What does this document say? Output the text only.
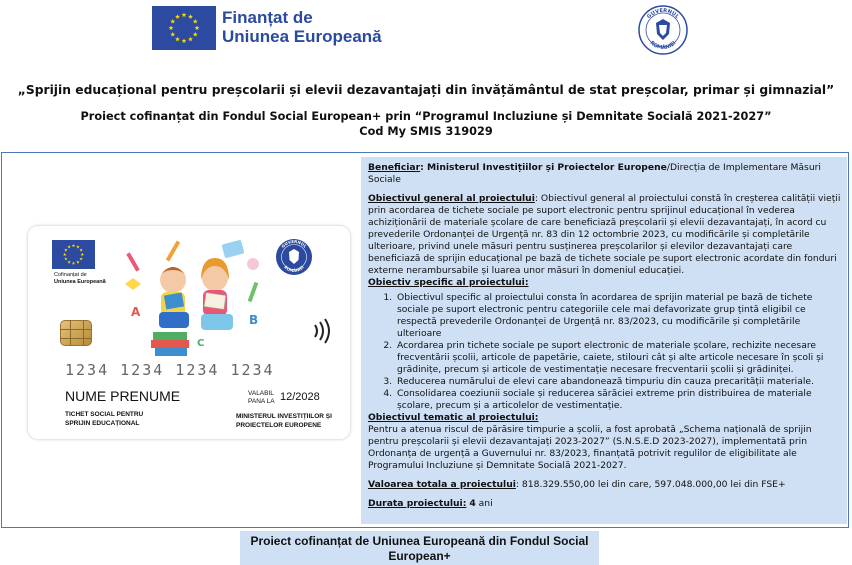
Finanțat de
Uniunea Europeană
GUVERNUL
ROMÂNIEI
„Sprijin educațional pentru preșcolarii și elevii dezavantajați din învățământul de stat preșcolar, primar și gimnazial”
Proiect cofinanțat din Fondul Social European+ prin “Programul Incluziune și Demnitate Socială 2021-2027”
Cod My SMIS 319029
Cofinanțat de
Uniunea Europeană
GUVERNUL
ROMÂNIEI
A
B
C
1234 1234 1234 1234
NUME PRENUME	VALABIL
PANA LA 12/2028
TICHET SOCIAL PENTRU
SPRIJIN EDUCAȚIONAL
MINISTERUL INVESTIȚIILOR ȘI
PROIECTELOR EUROPENE

Beneficiar: Ministerul Investițiilor și Proiectelor Europene/Direcția de Implementare Măsuri Sociale

Obiectivul general al proiectului: Obiectivul general al proiectului constă în creșterea calității vieții prin acordarea de tichete sociale pe suport electronic pentru sprijinul educațional în vederea achiziționării de materiale școlare de care beneficiază preșcolarii și elevii dezavantajați, în acord cu prevederile Ordonanței de Urgență nr. 83 din 12 octombrie 2023, cu modificările și completările ulterioare, privind unele măsuri pentru susținerea preșcolarilor și elevilor dezavantajați care beneficiază de sprijin educațional pe bază de tichete sociale pe suport electronic acordate din fonduri externe nerambursabile și luarea unor măsuri în domeniul educației.

Obiectiv specific al proiectului:

1. Obiectivul specific al proiectului consta în acordarea de sprijin material pe bază de tichete sociale pe suport electronic pentru categoriile cele mai defavorizate grup țintă eligibil ce respectă prevederile Ordonanței de Urgență nr. 83/2023, cu modificările și completările ulterioare
2. Acordarea prin tichete sociale pe suport electronic de materiale școlare, rechizite necesare frecventării școlii, articole de papetărie, caiete, stilouri cât și alte articole necesare în școli și grădinițe, precum și articole de vestimentație necesare frecventarii școlii și grădiniței.
3. Reducerea numărului de elevi care abandonează timpuriu din cauza precarității materiale.
4. Consolidarea coeziunii sociale și reducerea sărăciei extreme prin distribuirea de materiale școlare, precum și a articolelor de vestimentație.

Obiectivul tematic al proiectului:

Pentru a atenua riscul de părăsire timpurie a școlii, a fost aprobată „Schema națională de sprijin pentru preșcolarii și elevii dezavantajați 2023-2027” (S.N.S.E.D 2023-2027), implementată prin Ordonanța de urgență a Guvernului nr. 83/2023, finanțată potrivit regulilor de eligibilitate ale Programului Incluziune și Demnitate Socială 2021-2027.

Valoarea totala a proiectului: 818.329.550,00 lei din care, 597.048.000,00 lei din FSE+

Durata proiectului: 4 ani

Proiect cofinanțat de Uniunea Europeană din Fondul Social
European+
